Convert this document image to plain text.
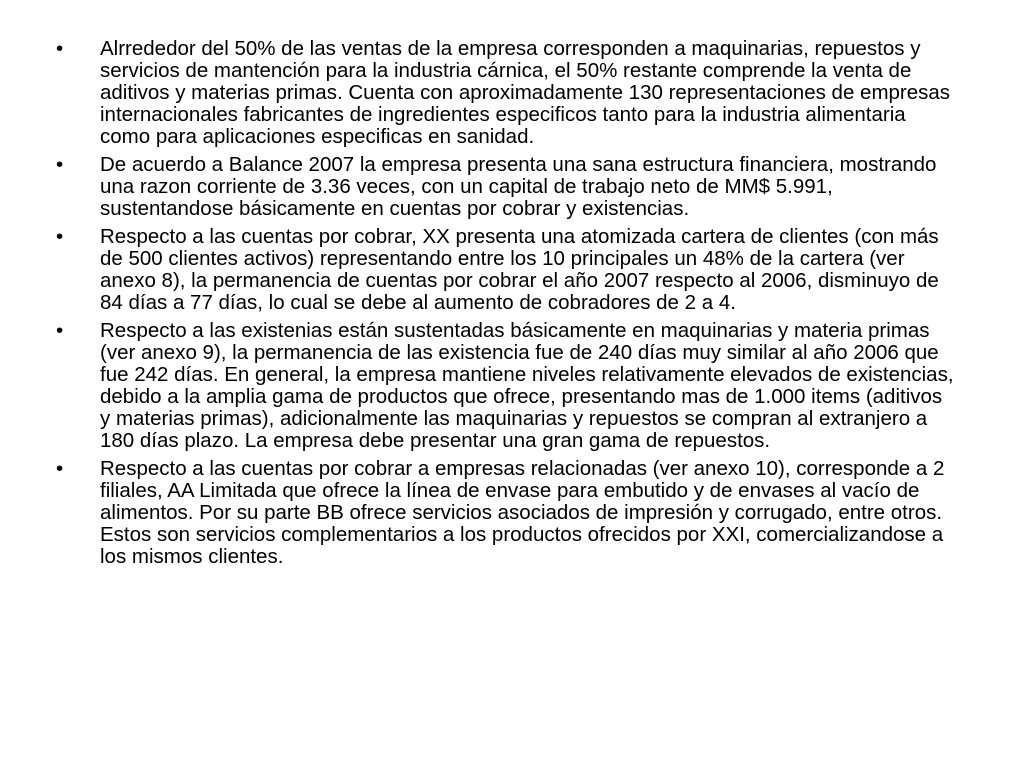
•	Alrrededor del 50% de las ventas de la empresa corresponden a maquinarias, repuestos y servicios de mantención para la industria cárnica, el 50% restante comprende la venta de aditivos y materias primas. Cuenta con aproximadamente 130 representaciones de empresas internacionales fabricantes de ingredientes especificos tanto para la industria alimentaria como para aplicaciones especificas en sanidad.
•	De acuerdo a Balance 2007 la empresa presenta una sana estructura financiera, mostrando una razon corriente de 3.36 veces, con un capital de trabajo neto de MM$ 5.991, sustentandose básicamente en cuentas por cobrar y existencias.
•	Respecto a las cuentas por cobrar, XX presenta una atomizada cartera de clientes (con más de 500 clientes activos) representando entre los 10 principales un 48% de la cartera (ver anexo 8), la permanencia de cuentas por cobrar el año 2007 respecto al 2006, disminuyo de 84 días a 77 días, lo cual se debe al aumento de cobradores de 2 a 4.
•	Respecto a las existenias están sustentadas básicamente en maquinarias y materia primas (ver anexo 9), la permanencia de las existencia fue de 240 días muy similar al año 2006 que fue 242 días. En general, la empresa mantiene niveles relativamente elevados de existencias, debido a la amplia gama de productos que ofrece, presentando mas de 1.000 items (aditivos y materias primas), adicionalmente las maquinarias y repuestos se compran al extranjero a 180 días plazo. La empresa debe presentar una gran gama de repuestos.
•	Respecto a las cuentas por cobrar a empresas relacionadas (ver anexo 10), corresponde a 2 filiales, AA Limitada que ofrece la línea de envase para embutido y de envases al vacío de alimentos. Por su parte BB ofrece servicios asociados de impresión y corrugado, entre otros. Estos son servicios complementarios a los productos ofrecidos por XXI, comercializandose a los mismos clientes.
